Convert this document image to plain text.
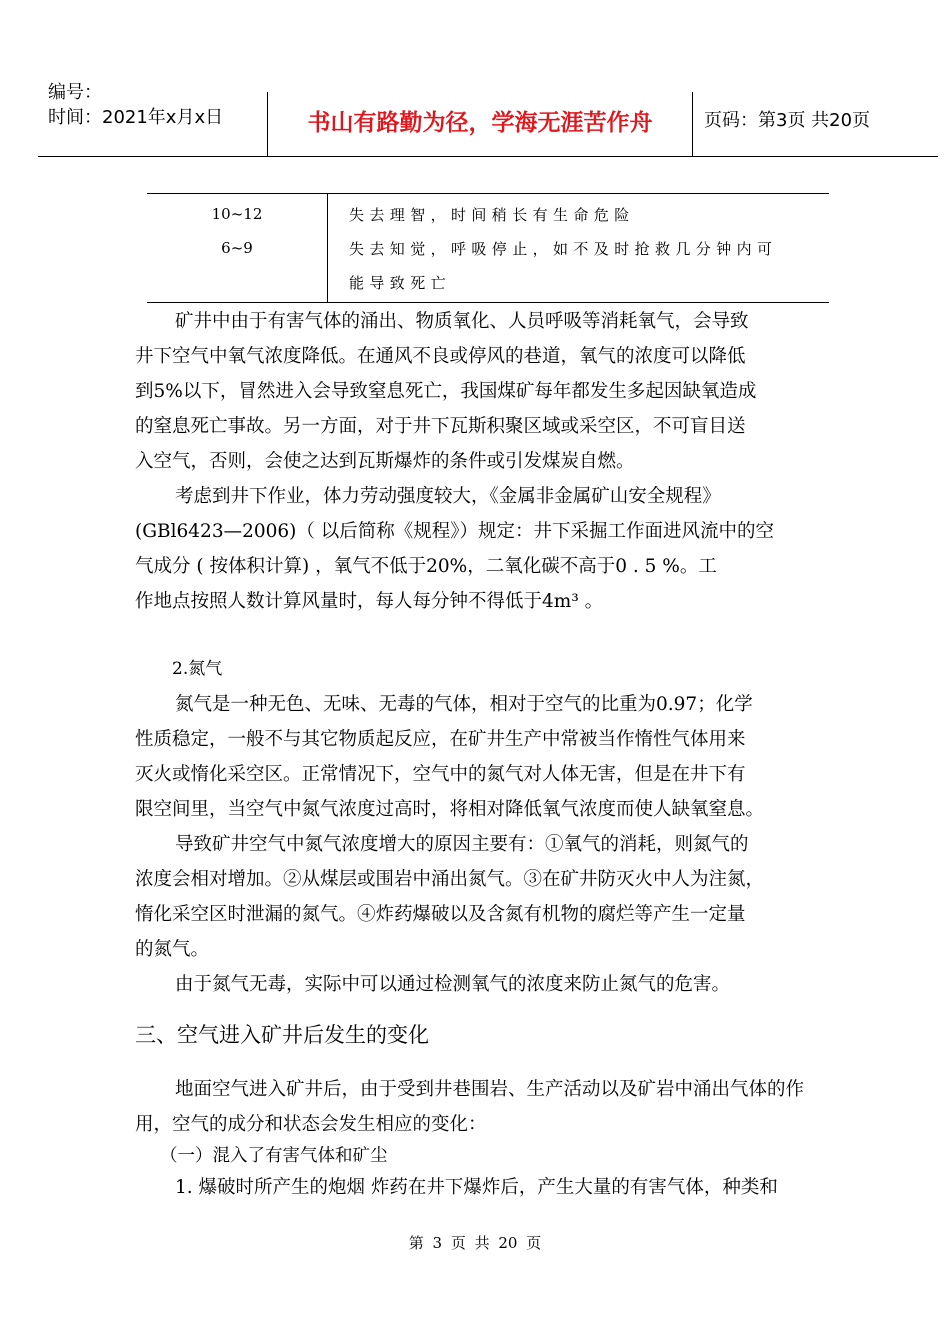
编号：
时间：2021年x月x日	书山有路勤为径，学海无涯苦作舟	页码：第3页 共20页
10~12
6~9
失去理智，时间稍长有生命危险
失去知觉，呼吸停止，如不及时抢救几分钟内可
能导致死亡
矿井中由于有害气体的涌出、物质氧化、人员呼吸等消耗氧气，会导致
井下空气中氧气浓度降低。在通风不良或停风的巷道，氧气的浓度可以降低
到5%以下，冒然进入会导致窒息死亡，我国煤矿每年都发生多起因缺氧造成
的窒息死亡事故。另一方面，对于井下瓦斯积聚区域或采空区，不可盲目送
入空气，否则，会使之达到瓦斯爆炸的条件或引发煤炭自燃。
考虑到井下作业，体力劳动强度较大，《金属非金属矿山安全规程》
(GBl6423—2006)（ 以后简称《规程》）规定：井下采掘工作面进风流中的空
气成分 ( 按体积计算) ，氧气不低于20%，二氧化碳不高于0 . 5 %。工
作地点按照人数计算风量时，每人每分钟不得低于4m³ 。
2.氮气
氮气是一种无色、无味、无毒的气体，相对于空气的比重为0.97；化学
性质稳定，一般不与其它物质起反应，在矿井生产中常被当作惰性气体用来
灭火或惰化采空区。正常情况下，空气中的氮气对人体无害，但是在井下有
限空间里，当空气中氮气浓度过高时，将相对降低氧气浓度而使人缺氧窒息。
导致矿井空气中氮气浓度增大的原因主要有：①氧气的消耗，则氮气的
浓度会相对增加。②从煤层或围岩中涌出氮气。③在矿井防灭火中人为注氮，
惰化采空区时泄漏的氮气。④炸药爆破以及含氮有机物的腐烂等产生一定量
的氮气。
由于氮气无毒，实际中可以通过检测氧气的浓度来防止氮气的危害。
三、空气进入矿井后发生的变化
地面空气进入矿井后，由于受到井巷围岩、生产活动以及矿岩中涌出气体的作
用，空气的成分和状态会发生相应的变化：
（一）混入了有害气体和矿尘
1. 爆破时所产生的炮烟 炸药在井下爆炸后，产生大量的有害气体，种类和
第 3 页 共 20 页
